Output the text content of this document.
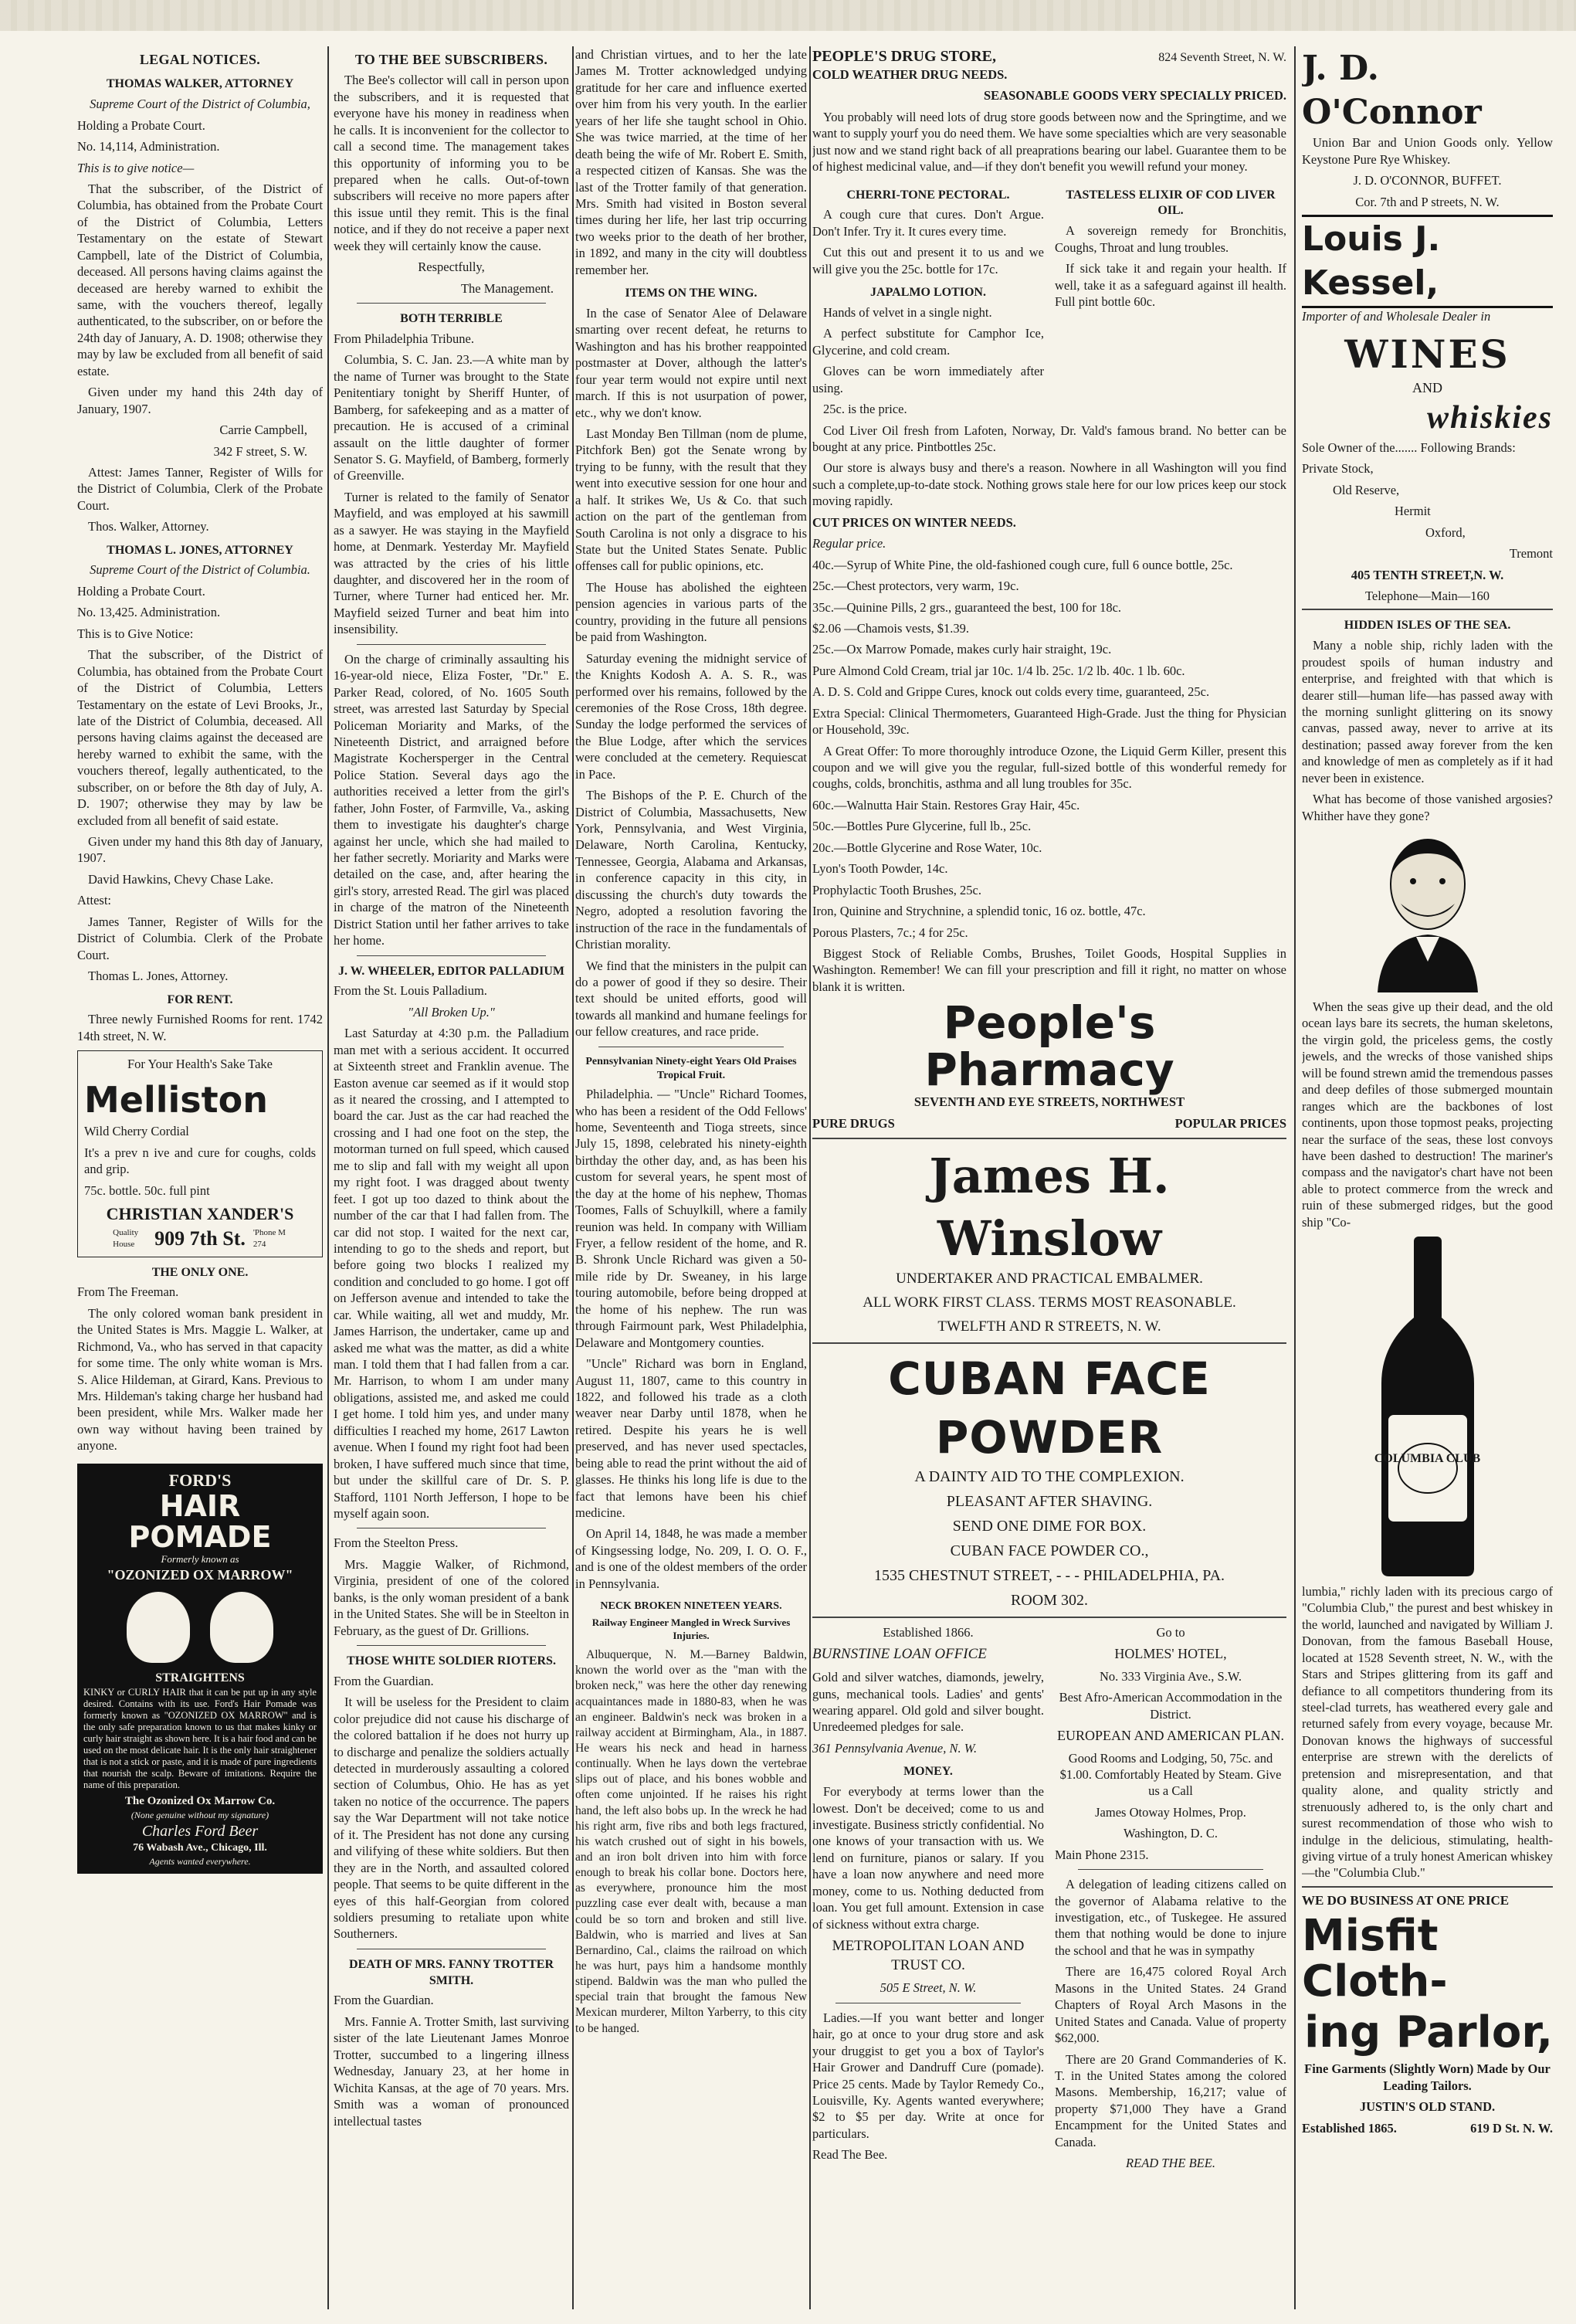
LEGAL NOTICES.
THOMAS WALKER, ATTORNEY

Supreme Court of the District of Columbia,

Holding a Probate Court.

No. 14,114, Administration.

This is to give notice—

That the subscriber, of the District of Columbia, has obtained from the Probate Court of the District of Columbia, Letters Testamentary on the estate of Stewart Campbell, late of the District of Columbia, deceased. All persons having claims against the deceased are hereby warned to exhibit the same, with the vouchers thereof, legally authenticated, to the subscriber, on or before the 24th day of January, A. D. 1908; otherwise they may by law be excluded from all benefit of said estate.

Given under my hand this 24th day of January, 1907.

Carrie Campbell,

342 F street, S. W.

Attest: James Tanner, Register of Wills for the District of Columbia, Clerk of the Probate Court.

Thos. Walker, Attorney.

THOMAS L. JONES, ATTORNEY

Supreme Court of the District of Columbia.

Holding a Probate Court.

No. 13,425. Administration.

This is to Give Notice:

That the subscriber, of the District of Columbia, has obtained from the Probate Court of the District of Columbia, Letters Testamentary on the estate of Levi Brooks, Jr., late of the District of Columbia, deceased. All persons having claims against the deceased are hereby warned to exhibit the same, with the vouchers thereof, legally authenticated, to the subscriber, on or before the 8th day of July, A. D. 1907; otherwise they may by law be excluded from all benefit of said estate.

Given under my hand this 8th day of January, 1907.

David Hawkins, Chevy Chase Lake.

Attest:

James Tanner, Register of Wills for the District of Columbia. Clerk of the Probate Court.

Thomas L. Jones, Attorney.

FOR RENT.

Three newly Furnished Rooms for rent. 1742 14th street, N. W.

For Your Health's Sake Take

Melliston

Wild Cherry Cordial

It's a prev n ive and cure for coughs, colds and grip.

75c. bottle. 50c. full pint

CHRISTIAN XANDER'S
Quality House 909 7th St. 'Phone M 274
THE ONLY ONE.

From The Freeman.

The only colored woman bank president in the United States is Mrs. Maggie L. Walker, at Richmond, Va., who has served in that capacity for some time. The only white woman is Mrs. S. Alice Hildeman, at Girard, Kans. Previous to Mrs. Hildeman's taking charge her husband had been president, while Mrs. Walker made her own way without having been trained by anyone.

FORD'S
HAIR POMADE
Formerly known as
"OZONIZED OX MARROW"
STRAIGHTENS
KINKY or CURLY HAIR that it can be put up in any style desired. Contains with its use. Ford's Hair Pomade was formerly known as "OZONIZED OX MARROW" and is the only safe preparation known to us that makes kinky or curly hair straight as shown here. It is a hair food and can be used on the most delicate hair. It is the only hair straightener that is not a stick or paste, and it is made of pure ingredients that nourish the scalp. Beware of imitations. Require the name of this preparation.
The Ozonized Ox Marrow Co.
(None genuine without my signature)
Charles Ford Beer
76 Wabash Ave., Chicago, Ill.
Agents wanted everywhere.
TO THE BEE SUBSCRIBERS.

The Bee's collector will call in person upon the subscribers, and it is requested that everyone have his money in readiness when he calls. It is inconvenient for the collector to call a second time. The management takes this opportunity of informing you to be prepared when he calls. Out-of-town subscribers will receive no more papers after this issue until they remit. This is the final notice, and if they do not receive a paper next week they will certainly know the cause.

Respectfully,

The Management.

BOTH TERRIBLE

From Philadelphia Tribune.

Columbia, S. C. Jan. 23.—A white man by the name of Turner was brought to the State Penitentiary tonight by Sheriff Hunter, of Bamberg, for safekeeping and as a matter of precaution. He is accused of a criminal assault on the little daughter of former Senator S. G. Mayfield, of Bamberg, formerly of Greenville.

Turner is related to the family of Senator Mayfield, and was employed at his sawmill as a sawyer. He was staying in the Mayfield home, at Denmark. Yesterday Mr. Mayfield was attracted by the cries of his little daughter, and discovered her in the room of Turner, where Turner had enticed her. Mr. Mayfield seized Turner and beat him into insensibility.

On the charge of criminally assaulting his 16-year-old niece, Eliza Foster, "Dr." E. Parker Read, colored, of No. 1605 South street, was arrested last Saturday by Special Policeman Moriarity and Marks, of the Nineteenth District, and arraigned before Magistrate Kochersperger in the Central Police Station. Several days ago the authorities received a letter from the girl's father, John Foster, of Farmville, Va., asking them to investigate his daughter's charge against her uncle, which she had mailed to her father secretly. Moriarity and Marks were detailed on the case, and, after hearing the girl's story, arrested Read. The girl was placed in charge of the matron of the Nineteenth District Station until her father arrives to take her home.

J. W. WHEELER, EDITOR PALLADIUM

From the St. Louis Palladium.

"All Broken Up."

Last Saturday at 4:30 p.m. the Palladium man met with a serious accident. It occurred at Sixteenth street and Franklin avenue. The Easton avenue car seemed as if it would stop as it neared the crossing, and I attempted to board the car. Just as the car had reached the crossing and I had one foot on the step, the motorman turned on full speed, which caused me to slip and fall with my weight all upon my right foot. I was dragged about twenty feet. I got up too dazed to think about the number of the car that I had fallen from. The car did not stop. I waited for the next car, intending to go to the sheds and report, but before going two blocks I realized my condition and concluded to go home. I got off on Jefferson avenue and intended to take the car. While waiting, all wet and muddy, Mr. James Harrison, the undertaker, came up and asked me what was the matter, as did a white man. I told them that I had fallen from a car. Mr. Harrison, to whom I am under many obligations, assisted me, and asked me could I get home. I told him yes, and under many difficulties I reached my home, 2617 Lawton avenue. When I found my right foot had been broken, I have suffered much since that time, but under the skillful care of Dr. S. P. Stafford, 1101 North Jefferson, I hope to be myself again soon.

From the Steelton Press.

Mrs. Maggie Walker, of Richmond, Virginia, president of one of the colored banks, is the only woman president of a bank in the United States. She will be in Steelton in February, as the guest of Dr. Grillions.

THOSE WHITE SOLDIER RIOTERS.

From the Guardian.

It will be useless for the President to claim color prejudice did not cause his discharge of the colored battalion if he does not hurry up to discharge and penalize the soldiers actually detected in murderously assaulting a colored section of Columbus, Ohio. He has as yet taken no notice of the occurrence. The papers say the War Department will not take notice of it. The President has not done any cursing and vilifying of these white soldiers. But then they are in the North, and assaulted colored people. That seems to be quite different in the eyes of this half-Georgian from colored soldiers presuming to retaliate upon white Southerners.

DEATH OF MRS. FANNY TROTTER SMITH.

From the Guardian.

Mrs. Fannie A. Trotter Smith, last surviving sister of the late Lieutenant James Monroe Trotter, succumbed to a lingering illness Wednesday, January 23, at her home in Wichita Kansas, at the age of 70 years. Mrs. Smith was a woman of pronounced intellectual tastes

and Christian virtues, and to her the late James M. Trotter acknowledged undying gratitude for her care and influence exerted over him from his very youth. In the earlier years of her life she taught school in Ohio. She was twice married, at the time of her death being the wife of Mr. Robert E. Smith, a respected citizen of Kansas. She was the last of the Trotter family of that generation. Mrs. Smith had visited in Boston several times during her life, her last trip occurring two weeks prior to the death of her brother, in 1892, and many in the city will doubtless remember her.

ITEMS ON THE WING.

In the case of Senator Alee of Delaware smarting over recent defeat, he returns to Washington and has his brother reappointed postmaster at Dover, although the latter's four year term would not expire until next march. If this is not usurpation of power, etc., why we don't know.

Last Monday Ben Tillman (nom de plume, Pitchfork Ben) got the Senate wrong by trying to be funny, with the result that they went into executive session for one hour and a half. It strikes We, Us & Co. that such action on the part of the gentleman from South Carolina is not only a disgrace to his State but the United States Senate. Public offenses call for public opinions, etc.

The House has abolished the eighteen pension agencies in various parts of the country, providing in the future all pensions be paid from Washington.

Saturday evening the midnight service of the Knights Kodosh A. A. S. R., was performed over his remains, followed by the ceremonies of the Rose Cross, 18th degree. Sunday the lodge performed the services of the Blue Lodge, after which the services were concluded at the cemetery. Requiescat in Pace.

The Bishops of the P. E. Church of the District of Columbia, Massachusetts, New York, Pennsylvania, and West Virginia, Delaware, North Carolina, Kentucky, Tennessee, Georgia, Alabama and Arkansas, in conference capacity in this city, in discussing the church's duty towards the Negro, adopted a resolution favoring the instruction of the race in the fundamentals of Christian morality.

We find that the ministers in the pulpit can do a power of good if they so desire. Their text should be united efforts, good will towards all mankind and humane feelings for our fellow creatures, and race pride.

Pennsylvanian Ninety-eight Years Old Praises Tropical Fruit.

Philadelphia. — "Uncle" Richard Toomes, who has been a resident of the Odd Fellows' home, Seventeenth and Tioga streets, since July 15, 1898, celebrated his ninety-eighth birthday the other day, and, as has been his custom for several years, he spent most of the day at the home of his nephew, Thomas Toomes, Falls of Schuylkill, where a family reunion was held. In company with William Fryer, a fellow resident of the home, and R. B. Shronk Uncle Richard was given a 50-mile ride by Dr. Sweaney, in his large touring automobile, before being dropped at the home of his nephew. The run was through Fairmount park, West Philadelphia, Delaware and Montgomery counties.

"Uncle" Richard was born in England, August 11, 1807, came to this country in 1822, and followed his trade as a cloth weaver near Darby until 1878, when he retired. Despite his years he is well preserved, and has never used spectacles, being able to read the print without the aid of glasses. He thinks his long life is due to the fact that lemons have been his chief medicine.

On April 14, 1848, he was made a member of Kingsessing lodge, No. 209, I. O. O. F., and is one of the oldest members of the order in Pennsylvania.

NECK BROKEN NINETEEN YEARS.

Railway Engineer Mangled in Wreck Survives Injuries.

Albuquerque, N. M.—Barney Baldwin, known the world over as the "man with the broken neck," was here the other day renewing acquaintances made in 1880-83, when he was an engineer. Baldwin's neck was broken in a railway accident at Birmingham, Ala., in 1887. He wears his neck and head in harness continually. When he lays down the vertebrae slips out of place, and his bones wobble and often come unjointed. If he raises his right hand, the left also bobs up. In the wreck he had his right arm, five ribs and both legs fractured, his watch crushed out of sight in his bowels, and an iron bolt driven into him with force enough to break his collar bone. Doctors here, as everywhere, pronounce him the most puzzling case ever dealt with, because a man could be so torn and broken and still live. Baldwin, who is married and lives at San Bernardino, Cal., claims the railroad on which he was hurt, pays him a handsome monthly stipend. Baldwin was the man who pulled the special train that brought the famous New Mexican murderer, Milton Yarberry, to this city to be hanged.

PEOPLE'S DRUG STORE,	824 Seventh Street, N. W.

COLD WEATHER DRUG NEEDS.

SEASONABLE GOODS VERY SPECIALLY PRICED.

You probably will need lots of drug store goods between now and the Springtime, and we want to supply yourf you do need them. We have some specialties which are very seasonable just now and we stand right back of all preaprations bearing our label. Guarantee them to be of highest medicinal value, and—if they don't benefit you wewill refund your money.

CHERRI-TONE PECTORAL.

A cough cure that cures. Don't Argue. Don't Infer. Try it. It cures every time.

Cut this out and present it to us and we will give you the 25c. bottle for 17c.

JAPALMO LOTION.

Hands of velvet in a single night.

A perfect substitute for Camphor Ice, Glycerine, and cold cream.

Gloves can be worn immediately after using.

25c. is the price.

TASTELESS ELIXIR OF COD LIVER OIL.

A sovereign remedy for Bronchitis, Coughs, Throat and lung troubles.

If sick take it and regain your health. If well, take it as a safeguard against ill health. Full pint bottle 60c.

Cod Liver Oil fresh from Lafoten, Norway, Dr. Vald's famous brand. No better can be bought at any price. Pintbottles 25c.

Our store is always busy and there's a reason. Nowhere in all Washington will you find such a complete,up-to-date stock. Nothing grows stale here for our low prices keep our stock moving rapidly.

CUT PRICES ON WINTER NEEDS.

Regular price.

40c.—Syrup of White Pine, the old-fashioned cough cure, full 6 ounce bottle, 25c.

25c.—Chest protectors, very warm, 19c.

35c.—Quinine Pills, 2 grs., guaranteed the best, 100 for 18c.

$2.06 —Chamois vests, $1.39.

25c.—Ox Marrow Pomade, makes curly hair straight, 19c.

Pure Almond Cold Cream, trial jar 10c. 1/4 lb. 25c. 1/2 lb. 40c. 1 lb. 60c.

A. D. S. Cold and Grippe Cures, knock out colds every time, guaranteed, 25c.

Extra Special: Clinical Thermometers, Guaranteed High-Grade. Just the thing for Physician or Household, 39c.

A Great Offer: To more thoroughly introduce Ozone, the Liquid Germ Killer, present this coupon and we will give you the regular, full-sized bottle of this wonderful remedy for coughs, colds, bronchitis, asthma and all lung troubles for 35c.

60c.—Walnutta Hair Stain. Restores Gray Hair, 45c.

50c.—Bottles Pure Glycerine, full lb., 25c.

20c.—Bottle Glycerine and Rose Water, 10c.

Lyon's Tooth Powder, 14c.

Prophylactic Tooth Brushes, 25c.

Iron, Quinine and Strychnine, a splendid tonic, 16 oz. bottle, 47c.

Porous Plasters, 7c.; 4 for 25c.

Biggest Stock of Reliable Combs, Brushes, Toilet Goods, Hospital Supplies in Washington. Remember! We can fill your prescription and fill it right, no matter on whose blank it is written.

People's Pharmacy

SEVENTH AND EYE STREETS, NORTHWEST

PURE DRUGS	POPULAR PRICES
James H. Winslow

UNDERTAKER AND PRACTICAL EMBALMER.

ALL WORK FIRST CLASS. TERMS MOST REASONABLE.

TWELFTH AND R STREETS, N. W.

CUBAN FACE POWDER

A DAINTY AID TO THE COMPLEXION.

PLEASANT AFTER SHAVING.

SEND ONE DIME FOR BOX.

CUBAN FACE POWDER CO.,

1535 CHESTNUT STREET, - - - PHILADELPHIA, PA.

ROOM 302.

Established 1866.

BURNSTINE LOAN OFFICE

Gold and silver watches, diamonds, jewelry, guns, mechanical tools. Ladies' and gents' wearing apparel. Old gold and silver bought. Unredeemed pledges for sale.

361 Pennsylvania Avenue, N. W.

MONEY.

For everybody at terms lower than the lowest. Don't be deceived; come to us and investigate. Business strictly confidential. No one knows of your transaction with us. We lend on furniture, pianos or salary. If you have a loan now anywhere and need more money, come to us. Nothing deducted from loan. You get full amount. Extension in case of sickness without extra charge.

METROPOLITAN LOAN AND TRUST CO.

505 E Street, N. W.

Ladies.—If you want better and longer hair, go at once to your drug store and ask your druggist to get you a box of Taylor's Hair Grower and Dandruff Cure (pomade). Price 25 cents. Made by Taylor Remedy Co., Louisville, Ky. Agents wanted everywhere; $2 to $5 per day. Write at once for particulars.

Read The Bee.

Go to

HOLMES' HOTEL,

No. 333 Virginia Ave., S.W.

Best Afro-American Accommodation in the District.

EUROPEAN AND AMERICAN PLAN.

Good Rooms and Lodging, 50, 75c. and $1.00. Comfortably Heated by Steam. Give us a Call

James Otoway Holmes, Prop.

Washington, D. C.

Main Phone 2315.

A delegation of leading citizens called on the governor of Alabama relative to the investigation, etc., of Tuskegee. He assured them that nothing would be done to injure the school and that he was in sympathy

There are 16,475 colored Royal Arch Masons in the United States. 24 Grand Chapters of Royal Arch Masons in the United States and Canada. Value of property $62,000.

There are 20 Grand Commanderies of K. T. in the United States among the colored Masons. Membership, 16,217; value of property $71,000 They have a Grand Encampment for the United States and Canada.

READ THE BEE.

J. D. O'Connor

Union Bar and Union Goods only. Yellow Keystone Pure Rye Whiskey.

J. D. O'CONNOR, BUFFET.

Cor. 7th and P streets, N. W.

Louis J. Kessel,

Importer of and Wholesale Dealer in

WINES
AND
whiskies

Sole Owner of the....... Following Brands:

Private Stock,

Old Reserve,

Hermit

Oxford,

Tremont

405 TENTH STREET,N. W.

Telephone—Main—160

HIDDEN ISLES OF THE SEA.

Many a noble ship, richly laden with the proudest spoils of human industry and enterprise, and freighted with that which is dearer still—human life—has passed away with the morning sunlight glittering on its snowy canvas, passed away, never to arrive at its destination; passed away forever from the ken and knowledge of men as completely as if it had never been in existence.

What has become of those vanished argosies? Whither have they gone?

When the seas give up their dead, and the old ocean lays bare its secrets, the human skeletons, the virgin gold, the priceless gems, the costly jewels, and the wrecks of those vanished ships will be found strewn amid the tremendous passes and deep defiles of those submerged mountain ranges which are the backbones of lost continents, upon those topmost peaks, projecting near the surface of the seas, these lost convoys have been dashed to destruction! The mariner's compass and the navigator's chart have not been able to protect commerce from the wreck and ruin of these submerged ridges, but the good ship "Co-

COLUMBIA CLUB

lumbia," richly laden with its precious cargo of "Columbia Club," the purest and best whiskey in the world, launched and navigated by William J. Donovan, from the famous Baseball House, located at 1528 Seventh street, N. W., with the Stars and Stripes glittering from its gaff and defiance to all competitors thundering from its steel-clad turrets, has weathered every gale and returned safely from every voyage, because Mr. Donovan knows the highways of successful enterprise are strewn with the derelicts of pretension and misrepresentation, and that quality alone, and quality strictly and strenuously adhered to, is the only chart and surest recommendation of those who wish to indulge in the delicious, stimulating, health-giving virtue of a truly honest American whiskey—the "Columbia Club."

WE DO BUSINESS AT ONE PRICE

Misfit Cloth-
ing Parlor,

Fine Garments (Slightly Worn) Made by Our Leading Tailors.

JUSTIN'S OLD STAND.

Established 1865.	619 D St. N. W.
